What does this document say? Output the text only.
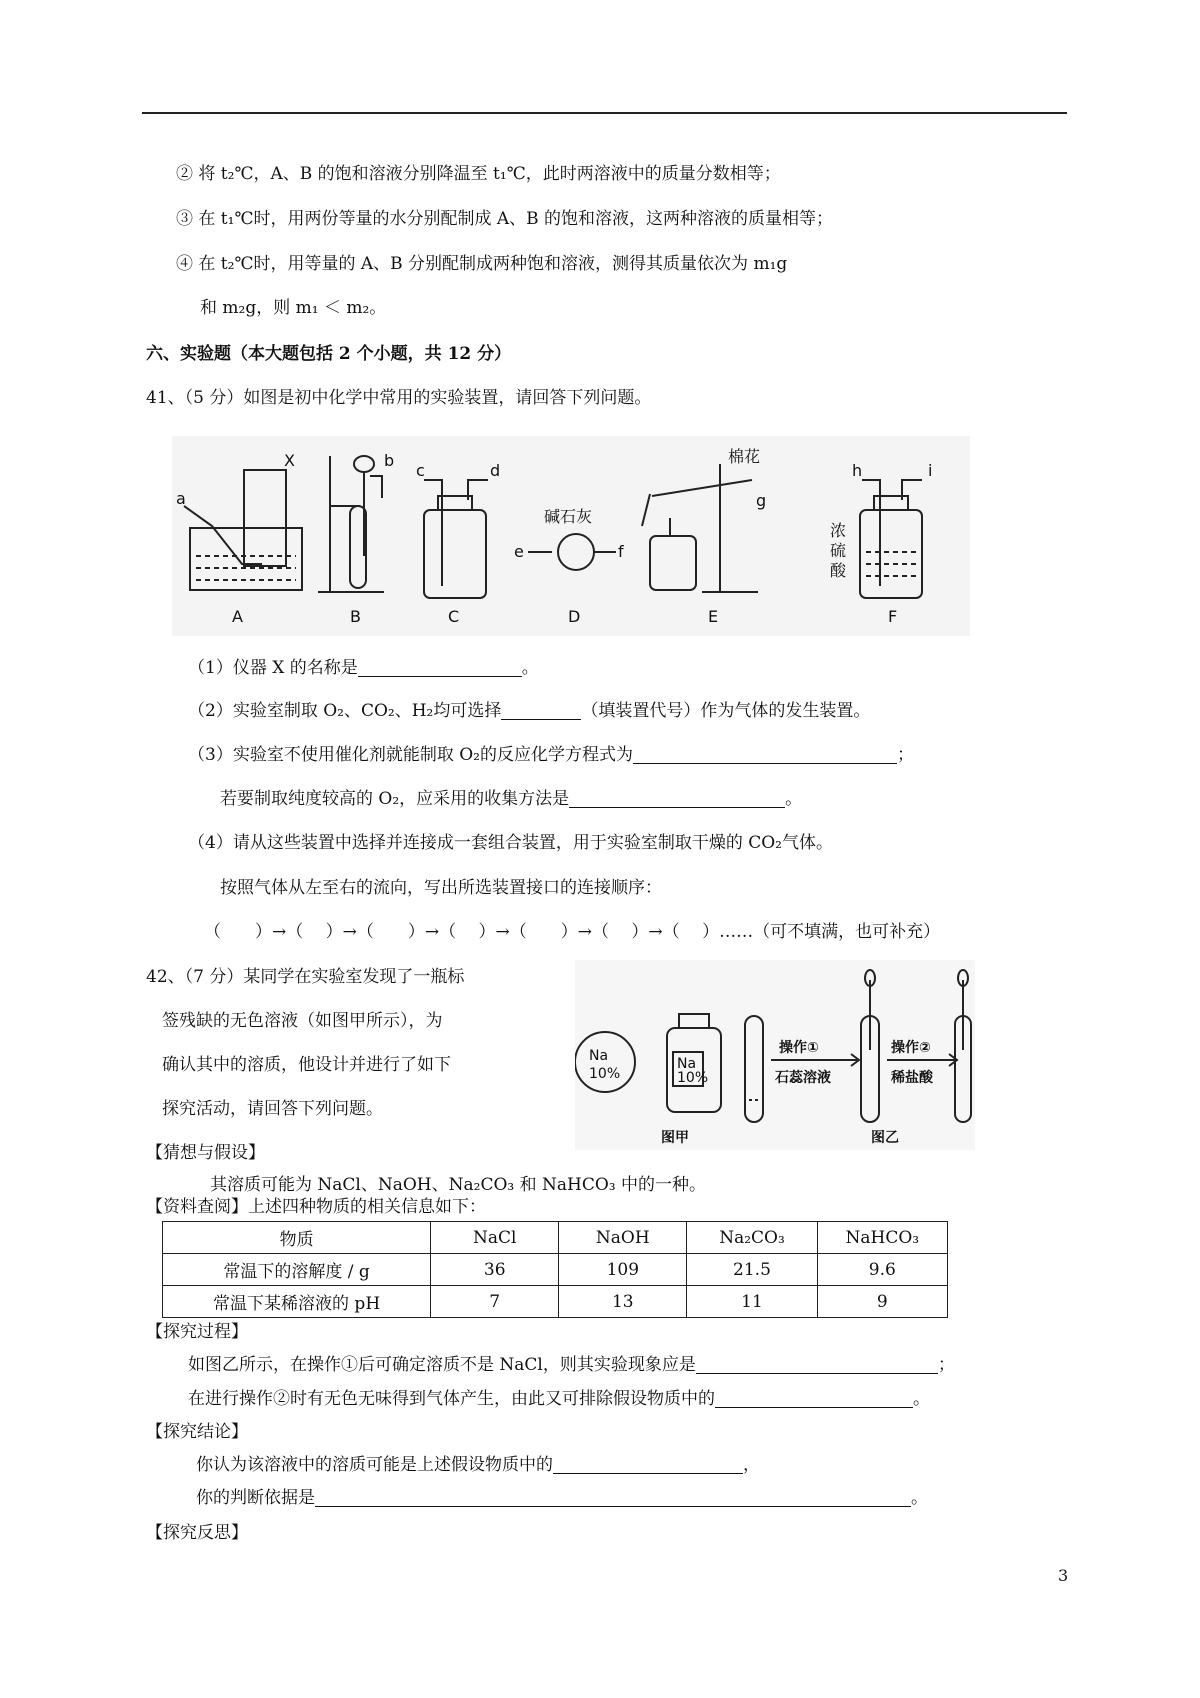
② 将 t₂℃，A、B 的饱和溶液分别降温至 t₁℃，此时两溶液中的质量分数相等；
③ 在 t₁℃时，用两份等量的水分别配制成 A、B 的饱和溶液，这两种溶液的质量相等；
④ 在 t₂℃时，用等量的 A、B 分别配制成两种饱和溶液，测得其质量依次为 m₁g
和 m₂g，则 m₁ ＜ m₂。
六、实验题（本大题包括 2 个小题，共 12 分）
41、（5 分）如图是初中化学中常用的实验装置，请回答下列问题。
A	B	C	D	E	F
X
a
b
c	d
e	f
g
h	i
碱石灰
棉花
浓
硫
酸
（1）仪器 X 的名称是	。
（2）实验室制取 O₂、CO₂、H₂均可选择	（填装置代号）作为气体的发生装置。
（3）实验室不使用催化剂就能制取 O₂的反应化学方程式为	；
若要制取纯度较高的 O₂，应采用的收集方法是	。
（4）请从这些装置中选择并连接成一套组合装置，用于实验室制取干燥的 CO₂气体。
按照气体从左至右的流向，写出所选装置接口的连接顺序：
（　　）→（　 ）→（　　）→（　 ）→（　　）→（　 ）→（　 ）……（可不填满，也可补充）
42、（7 分）某同学在实验室发现了一瓶标
签残缺的无色溶液（如图甲所示），为
确认其中的溶质，他设计并进行了如下
探究活动，请回答下列问题。
Na
10%
Na
10%
操作①
石蕊溶液
操作②
稀盐酸
图甲	图乙
【猜想与假设】
其溶质可能为 NaCl、NaOH、Na₂CO₃ 和 NaHCO₃ 中的一种。
【资料查阅】上述四种物质的相关信息如下：
物质	NaCl	NaOH	Na₂CO₃	NaHCO₃
常温下的溶解度 / g	36	109	21.5	9.6
常温下某稀溶液的 pH	7	13	11	9
【探究过程】
如图乙所示，在操作①后可确定溶质不是 NaCl，则其实验现象应是	；
在进行操作②时有无色无味得到气体产生，由此又可排除假设物质中的	。
【探究结论】
你认为该溶液中的溶质可能是上述假设物质中的	，
你的判断依据是	。
【探究反思】
3
